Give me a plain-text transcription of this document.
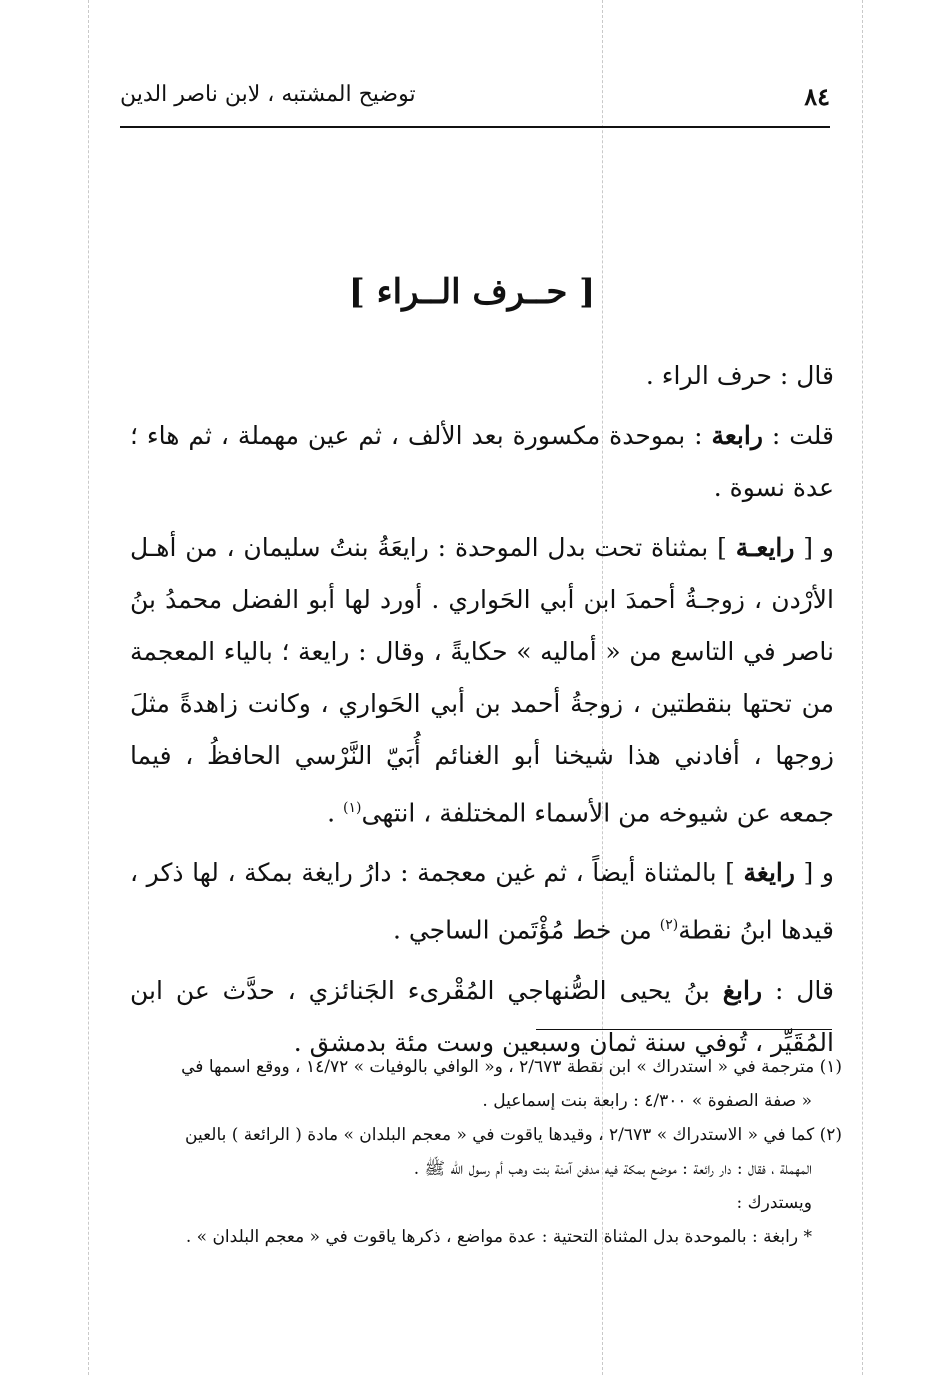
٨٤
توضيح المشتبه ، لابن ناصر الدين
[ حــرف الــراء ]

قال : حرف الراء .

قلت : رابعة : بموحدة مكسورة بعد الألف ، ثم عين مهملة ، ثم هاء ؛ عدة نسوة .

و [ رايعـة ] بمثناة تحت بدل الموحدة : رايعَةُ بنتُ سليمان ، من أهـل الأرْدن ، زوجـةُ أحمدَ ابن أبي الحَواري . أورد لها أبو الفضل محمدُ بنُ ناصر في التاسع من « أماليه » حكايةً ، وقال : رايعة ؛ بالياء المعجمة من تحتها بنقطتين ، زوجةُ أحمد بن أبي الحَواري ، وكانت زاهدةً مثلَ زوجها ، أفادني هذا شيخنا أبو الغنائم أُبَيّ النَّرْسي الحافظُ ، فيما جمعه عن شيوخه من الأسماء المختلفة ، انتهى$^{(١)}$ .

و [ رايغة ] بالمثناة أيضاً ، ثم غين معجمة : دارُ رايغة بمكة ، لها ذكر ، قيدها ابنُ نقطة$^{(٢)}$ من خط مُؤْتَمن الساجي .

قال : رابغ بنُ يحيى الصُّنهاجي المُقْرىء الجَنائزي ، حدَّث عن ابن المُقَيِّر ، تُوفي سنة ثمان وسبعين وست مئة بدمشق .

(١) مترجمة في « استدراك » ابن نقطة ٢/٦٧٣ ، و« الوافي بالوفيات » ١٤/٧٢ ، ووقع اسمها في

« صفة الصفوة » ٤/٣٠٠ : رابعة بنت إسماعيل .

(٢) كما في « الاستدراك » ٢/٦٧٣ ، وقيدها ياقوت في « معجم البلدان » مادة ( الرائعة ) بالعين

المهملة ، فقال : دار رائعة : موضع بمكة فيه مدفن آمنة بنت وهب أم رسول الله ﷺ .

ويستدرك :

* رابغة : بالموحدة بدل المثناة التحتية : عدة مواضع ، ذكرها ياقوت في « معجم البلدان » .
